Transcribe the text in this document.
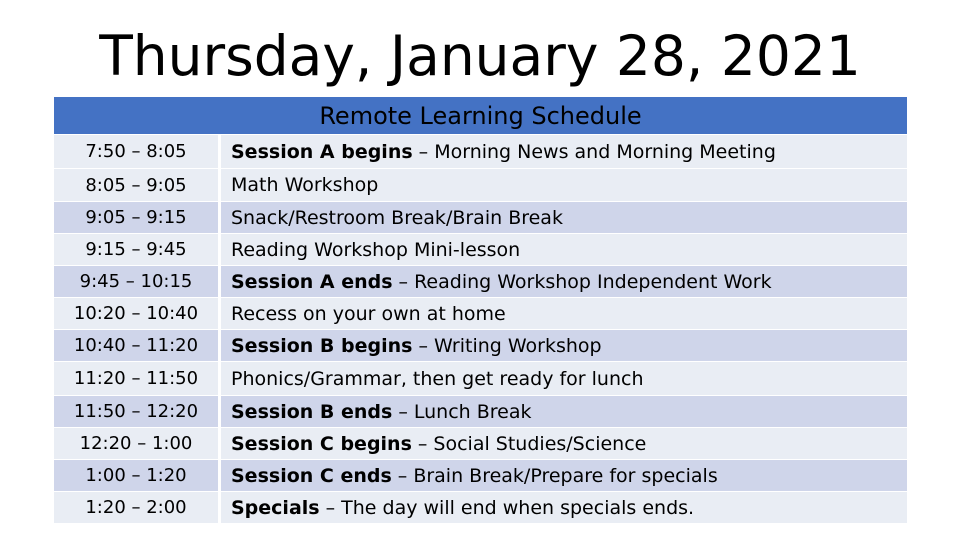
Thursday, January 28, 2021
Remote Learning Schedule
7:50 – 8:05	Session A begins – Morning News and Morning Meeting
8:05 – 9:05	Math Workshop
9:05 – 9:15	Snack/Restroom Break/Brain Break
9:15 – 9:45	Reading Workshop Mini-lesson
9:45 – 10:15	Session A ends – Reading Workshop Independent Work
10:20 – 10:40	Recess on your own at home
10:40 – 11:20	Session B begins – Writing Workshop
11:20 – 11:50	Phonics/Grammar, then get ready for lunch
11:50 – 12:20	Session B ends – Lunch Break
12:20 – 1:00	Session C begins – Social Studies/Science
1:00 – 1:20	Session C ends – Brain Break/Prepare for specials
1:20 – 2:00	Specials – The day will end when specials ends.
